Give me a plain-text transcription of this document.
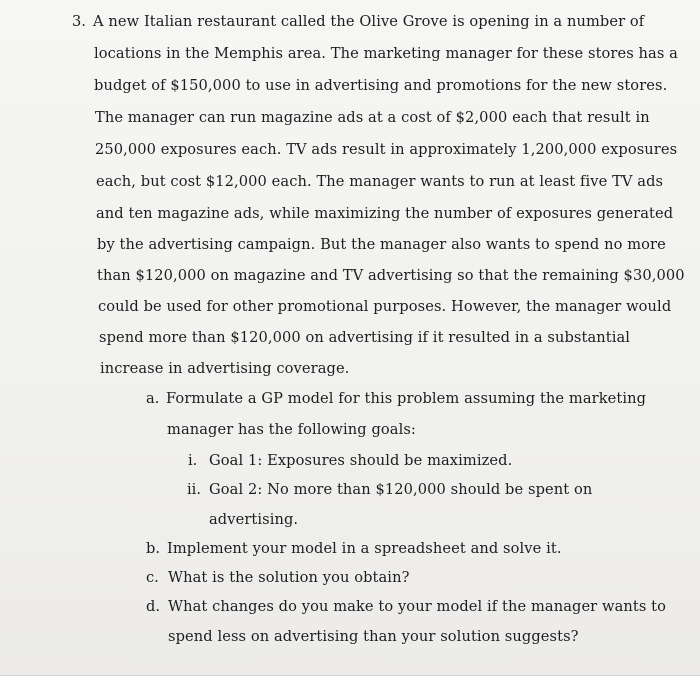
3. A new Italian restaurant called the Olive Grove is opening in a number of
locations in the Memphis area. The marketing manager for these stores has a
budget of $150,000 to use in advertising and promotions for the new stores.
The manager can run magazine ads at a cost of $2,000 each that result in
250,000 exposures each. TV ads result in approximately 1,200,000 exposures
each, but cost $12,000 each. The manager wants to run at least five TV ads
and ten magazine ads, while maximizing the number of exposures generated
by the advertising campaign. But the manager also wants to spend no more
than $120,000 on magazine and TV advertising so that the remaining $30,000
could be used for other promotional purposes. However, the manager would
spend more than $120,000 on advertising if it resulted in a substantial
increase in advertising coverage.
a. Formulate a GP model for this problem assuming the marketing
manager has the following goals:
i. Goal 1: Exposures should be maximized.
ii. Goal 2: No more than $120,000 should be spent on
advertising.
b. Implement your model in a spreadsheet and solve it.
c. What is the solution you obtain?
d. What changes do you make to your model if the manager wants to
spend less on advertising than your solution suggests?
